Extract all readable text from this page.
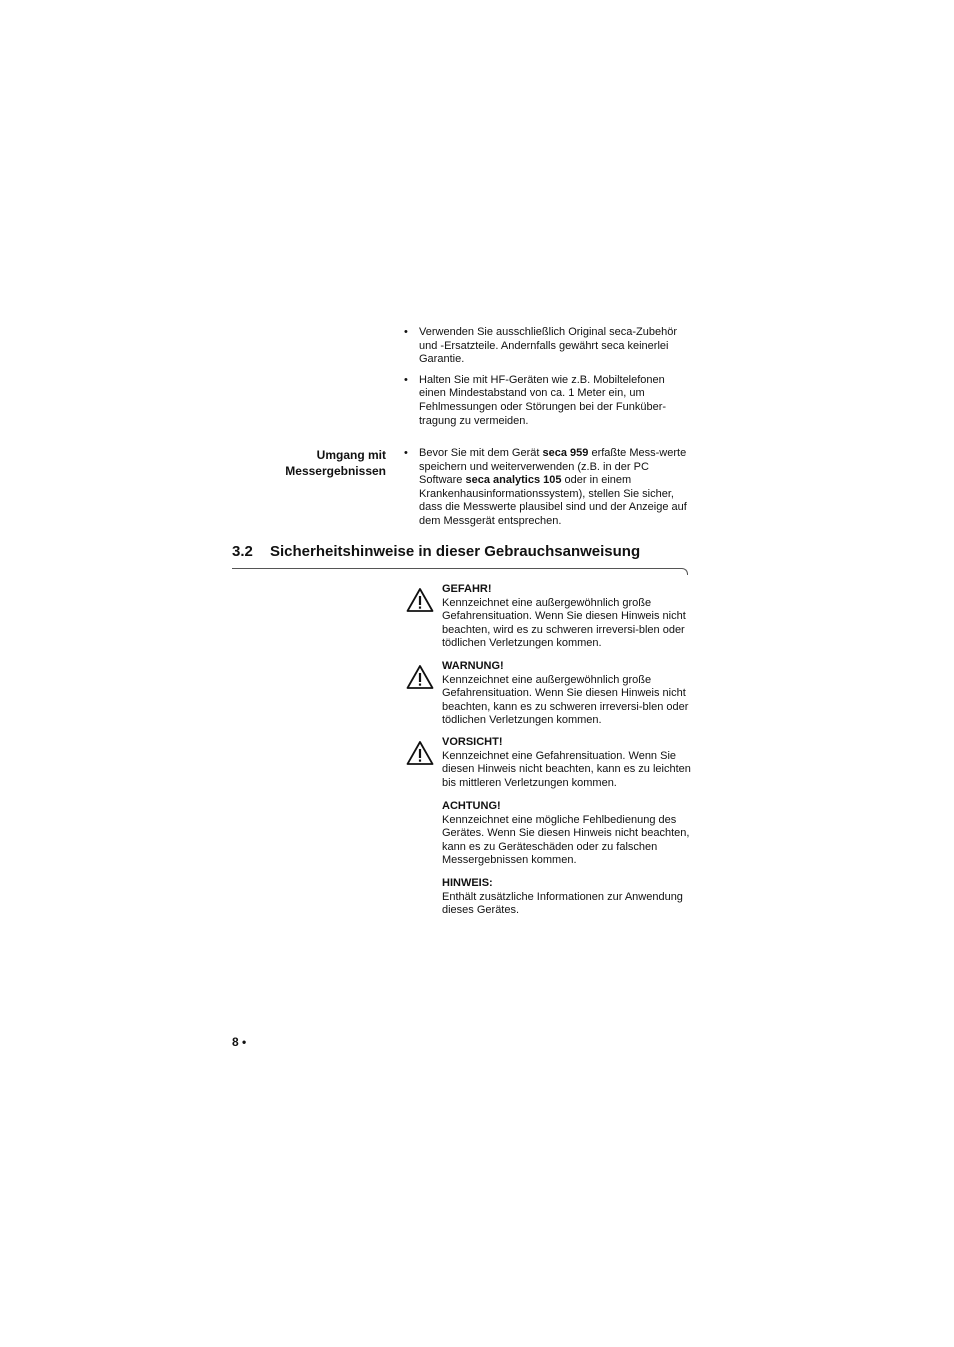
• Verwenden Sie ausschließlich Original seca-Zubehör und -Ersatzteile. Andernfalls gewährt seca keinerlei Garantie.
• Halten Sie mit HF-Geräten wie z.B. Mobiltelefonen einen Mindestabstand von ca. 1 Meter ein, um Fehlmessungen oder Störungen bei der Funküber-tragung zu vermeiden.
Umgang mit
Messergebnissen
• Bevor Sie mit dem Gerät seca 959 erfaßte Mess-werte speichern und weiterverwenden (z.B. in der PC Software seca analytics 105 oder in einem Krankenhausinformationssystem), stellen Sie sicher, dass die Messwerte plausibel sind und der Anzeige auf dem Messgerät entsprechen.
3.2 Sicherheitshinweise in dieser Gebrauchsanweisung
GEFAHR!
Kennzeichnet eine außergewöhnlich große Gefahrensituation. Wenn Sie diesen Hinweis nicht beachten, wird es zu schweren irreversi-blen oder tödlichen Verletzungen kommen.
WARNUNG!
Kennzeichnet eine außergewöhnlich große Gefahrensituation. Wenn Sie diesen Hinweis nicht beachten, kann es zu schweren irreversi-blen oder tödlichen Verletzungen kommen.
VORSICHT!
Kennzeichnet eine Gefahrensituation. Wenn Sie diesen Hinweis nicht beachten, kann es zu leichten bis mittleren Verletzungen kommen.
ACHTUNG!
Kennzeichnet eine mögliche Fehlbedienung des Gerätes. Wenn Sie diesen Hinweis nicht beachten, kann es zu Geräteschäden oder zu falschen Messergebnissen kommen.
HINWEIS:
Enthält zusätzliche Informationen zur Anwendung dieses Gerätes.
8 •
